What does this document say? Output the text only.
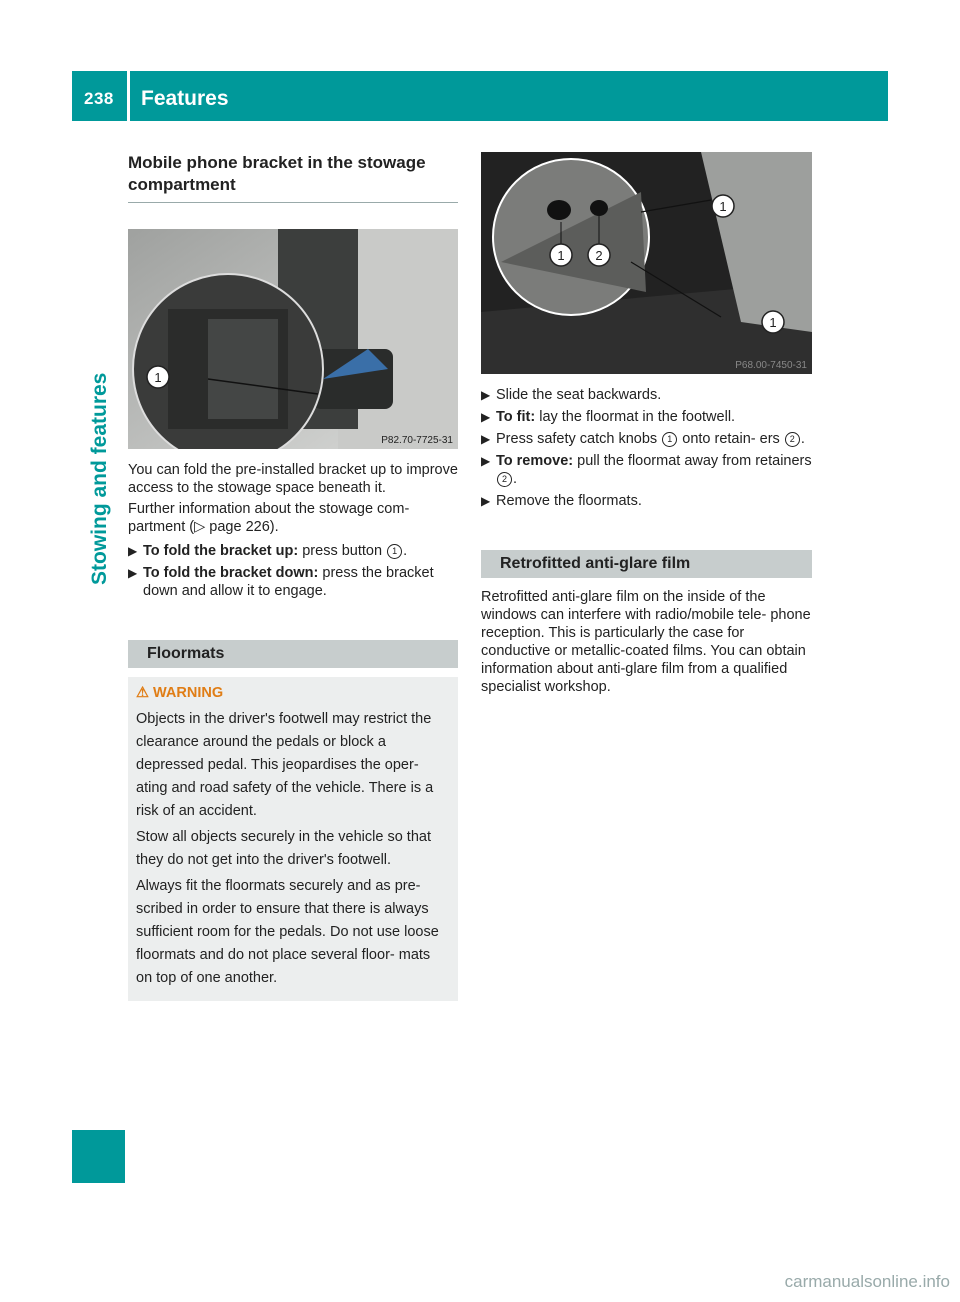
238 Features
Stowing and features
Mobile phone bracket in the stowage compartment
1
P82.70-7725-31

You can fold the pre-installed bracket up to improve access to the stowage space beneath it.

Further information about the stowage com- partment (▷ page 226).

▶ To fold the bracket up: press button 1 .
▶ To fold the bracket down: press the bracket down and allow it to engage.
Floormats
⚠ WARNING

Objects in the driver's footwell may restrict the clearance around the pedals or block a depressed pedal. This jeopardises the oper- ating and road safety of the vehicle. There is a risk of an accident.

Stow all objects securely in the vehicle so that they do not get into the driver's footwell.

Always fit the floormats securely and as pre- scribed in order to ensure that there is always sufficient room for the pedals. Do not use loose floormats and do not place several floor- mats on top of one another.

1
1 2
1
P68.00-7450-31
▶ Slide the seat backwards.
▶ To fit: lay the floormat in the footwell.
▶ Press safety catch knobs 1 onto retain- ers 2 .
▶ To remove: pull the floormat away from retainers 2 .
▶ Remove the floormats.
Retrofitted anti-glare film

Retrofitted anti-glare film on the inside of the windows can interfere with radio/mobile tele- phone reception. This is particularly the case for conductive or metallic-coated films. You can obtain information about anti-glare film from a qualified specialist workshop.

carmanualsonline.info
